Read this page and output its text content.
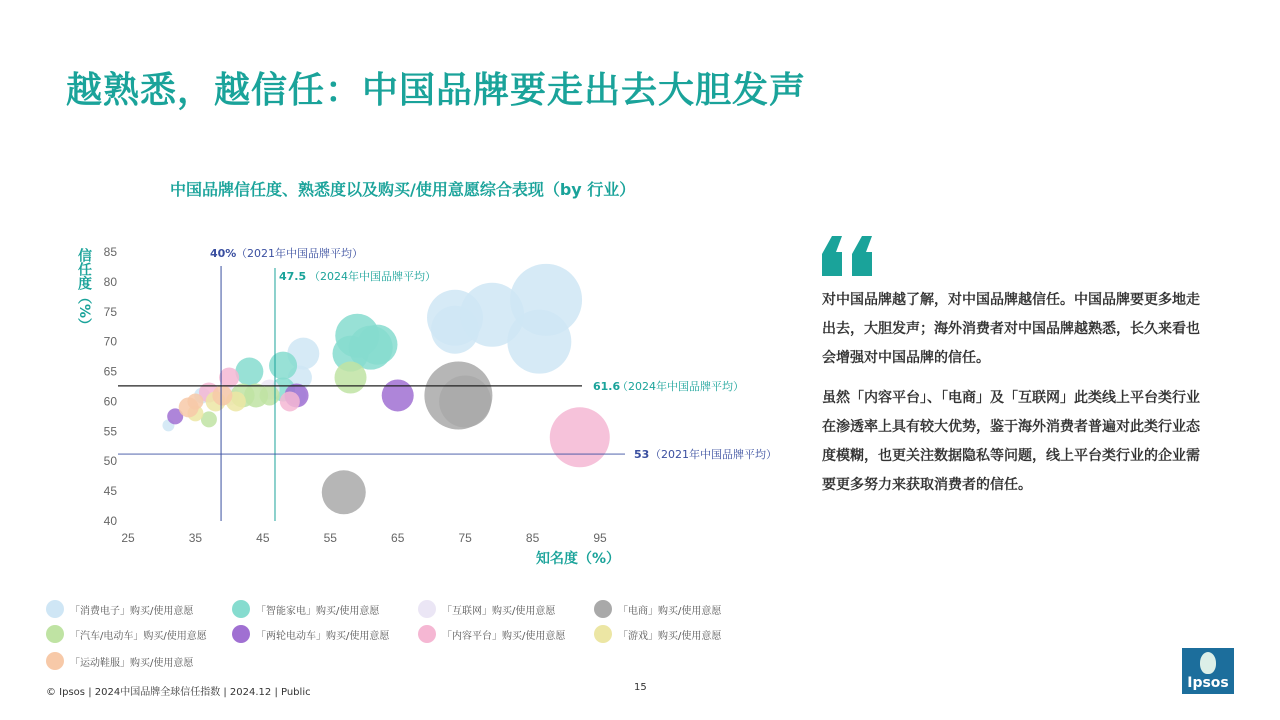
越熟悉，越信任：中国品牌要走出去大胆发声
中国品牌信任度、熟悉度以及购买/使用意愿综合表现（by 行业）
40
45
50
55
60
65
70
75
80
85
25	35	45	55	65	75	85	95
知名度（%）
信任度（%）	40% （2021年中国品牌平均）
47.5 （2024年中国品牌平均）
61.6
（2024年中国品牌平均）
53 （2021年中国品牌平均）

对中国品牌越了解，对中国品牌越信任。中国品牌要更多地走出去，大胆发声；海外消费者对中国品牌越熟悉，长久来看也会增强对中国品牌的信任。

虽然「内容平台」、「电商」及「互联网」此类线上平台类行业在渗透率上具有较大优势，鉴于海外消费者普遍对此类行业态度模糊，也更关注数据隐私等问题，线上平台类行业的企业需要更多努力来获取消费者的信任。

「消费电子」购买/使用意愿	「智能家电」购买/使用意愿	「互联网」购买/使用意愿	「电商」购买/使用意愿
「汽车/电动车」购买/使用意愿	「两轮电动车」购买/使用意愿	「内容平台」购买/使用意愿	「游戏」购买/使用意愿
「运动鞋服」购买/使用意愿
© Ipsos | 2024中国品牌全球信任指数 | 2024.12 | Public	15	Ipsos
